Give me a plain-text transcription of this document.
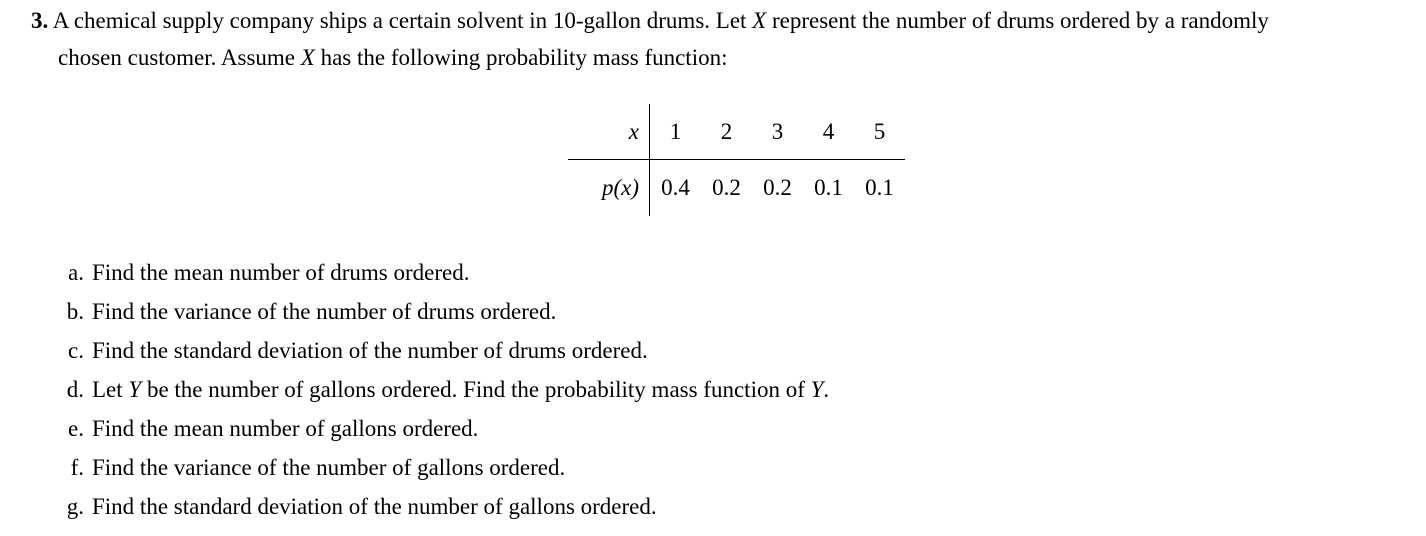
3. A chemical supply company ships a certain solvent in 10-gallon drums. Let X represent the number of drums ordered by a randomly
chosen customer. Assume X has the following probability mass function:
x	1	2	3	4	5
p(x) 0.4 0.2 0.2 0.1 0.1
a. Find the mean number of drums ordered.
b. Find the variance of the number of drums ordered.
c. Find the standard deviation of the number of drums ordered.
d. Let Y be the number of gallons ordered. Find the probability mass function of Y.
e. Find the mean number of gallons ordered.
f. Find the variance of the number of gallons ordered.
g. Find the standard deviation of the number of gallons ordered.
